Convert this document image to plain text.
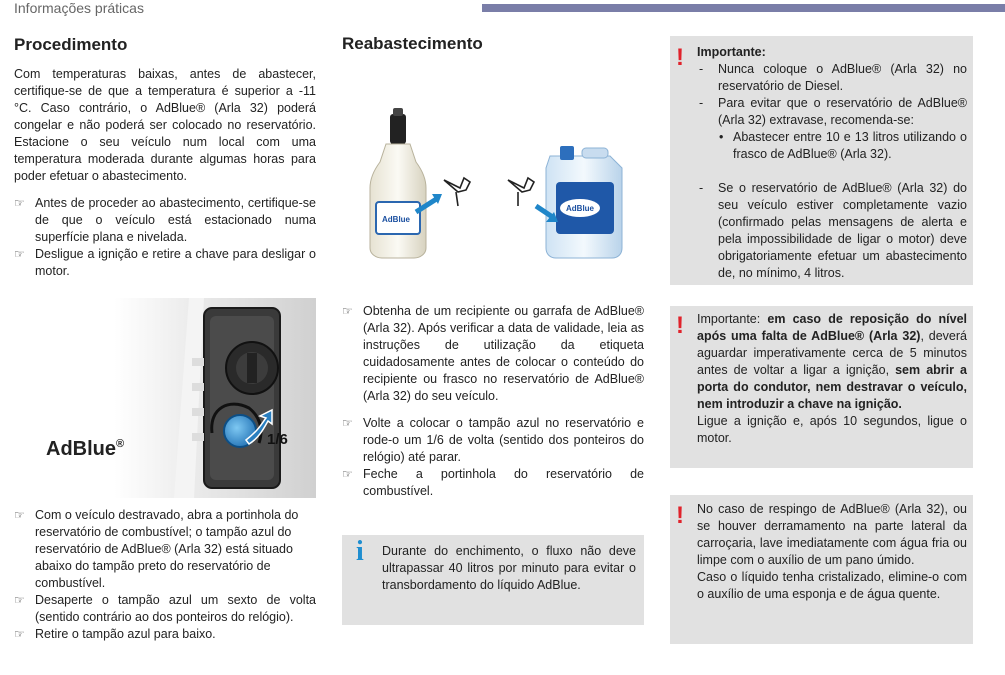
Informações práticas
Procedimento
Com temperaturas baixas, antes de abastecer, certifique-se de que a temperatura é superior a -11 °C. Caso contrário, o AdBlue® (Arla 32) poderá congelar e não poderá ser colocado no reservatório. Estacione o seu veículo num local com uma temperatura moderada durante algumas horas para poder efetuar o abastecimento.
☞ Antes de proceder ao abastecimento, certifique-se de que o veículo está estacionado numa superfície plana e nivelada.
☞ Desligue a ignição e retire a chave para desligar o motor.
1/6
AdBlue®
☞ Com o veículo destravado, abra a portinhola do reservatório de combustível; o tampão azul do reservatório de AdBlue® (Arla 32) está situado abaixo do tampão preto do reservatório de combustível.
☞ Desaperte o tampão azul um sexto de volta (sentido contrário ao dos ponteiros do relógio).
☞ Retire o tampão azul para baixo.
Reabastecimento
AdBlue
AdBlue
☞ Obtenha de um recipiente ou garrafa de AdBlue® (Arla 32). Após verificar a data de validade, leia as instruções de utilização da etiqueta cuidadosamente antes de colocar o conteúdo do recipiente ou frasco no reservatório de AdBlue® (Arla 32) do seu veículo.
☞ Volte a colocar o tampão azul no reservatório e rode-o um 1/6 de volta (sentido dos ponteiros do relógio) até parar.
☞ Feche a portinhola do reservatório de combustível.
i Durante do enchimento, o fluxo não deve ultrapassar 40 litros por minuto para evitar o transbordamento do líquido AdBlue.
! Importante:
- Nunca coloque o AdBlue® (Arla 32) no reservatório de Diesel.
- Para evitar que o reservatório de AdBlue® (Arla 32) extravase, recomenda-se:
• Abastecer entre 10 e 13 litros utilizando o frasco de AdBlue® (Arla 32).
- Se o reservatório de AdBlue® (Arla 32) do seu veículo estiver completamente vazio (confirmado pelas mensagens de alerta e pela impossibilidade de ligar o motor) deve obrigatoriamente efetuar um abastecimento de, no mínimo, 4 litros.
! Importante: em caso de reposição do nível após uma falta de AdBlue® (Arla 32), deverá aguardar imperativamente cerca de 5 minutos antes de voltar a ligar a ignição, sem abrir a porta do condutor, nem destravar o veículo, nem introduzir a chave na ignição.
Ligue a ignição e, após 10 segundos, ligue o motor.
! No caso de respingo de AdBlue® (Arla 32), ou se houver derramamento na parte lateral da carroçaria, lave imediatamente com água fria ou limpe com o auxílio de um pano úmido.
Caso o líquido tenha cristalizado, elimine-o com o auxílio de uma esponja e de água quente.
